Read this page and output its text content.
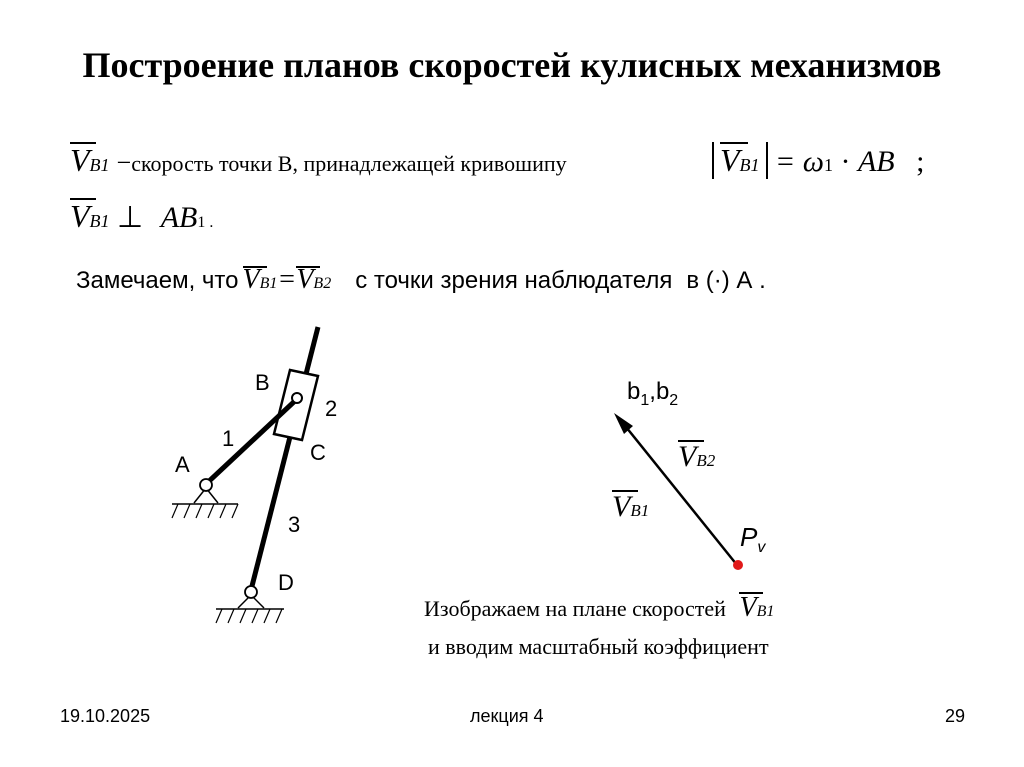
Построение планов скоростей кулисных механизмов
VB1 −скорость точки В, принадлежащей кривошипу	VB1 = ω1 · AB ;
VB1 ⊥ AB1 .
Замечаем, что VB1=
VB2 с точки зрения наблюдателя в (·) А .
B
2
1
C
A
3
D
$b_1,b_2$
VB2
VB1
$P_v$
Изображаем на плане скоростей VB1
и вводим масштабный коэффициент
19.10.2025	лекция 4	29
